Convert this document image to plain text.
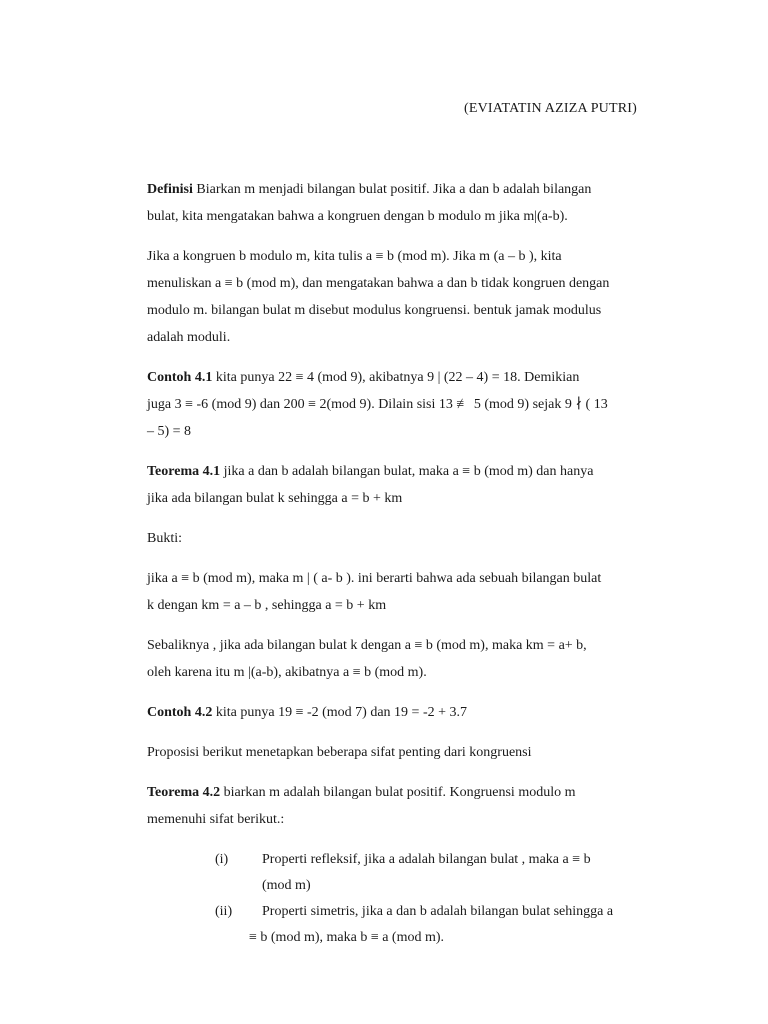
(EVIATATIN AZIZA PUTRI)

Definisi Biarkan m menjadi bilangan bulat positif. Jika a dan b adalah bilangan
bulat, kita mengatakan bahwa a kongruen dengan b modulo m jika m|(a-b).

Jika a kongruen b modulo m, kita tulis a ≡ b (mod m). Jika m (a – b ), kita
menuliskan a ≡ b (mod m), dan mengatakan bahwa a dan b tidak kongruen dengan
modulo m. bilangan bulat m disebut modulus kongruensi. bentuk jamak modulus
adalah moduli.

Contoh 4.1 kita punya 22 ≡ 4 (mod 9), akibatnya 9 | (22 – 4) = 18. Demikian
juga 3 ≡ -6 (mod 9) dan 200 ≡ 2(mod 9). Dilain sisi 13 ≢ 5 (mod 9) sejak 9 ∤ ( 13
– 5) = 8

Teorema 4.1 jika a dan b adalah bilangan bulat, maka a ≡ b (mod m) dan hanya
jika ada bilangan bulat k sehingga a = b + km

Bukti:

jika a ≡ b (mod m), maka m | ( a- b ). ini berarti bahwa ada sebuah bilangan bulat
k dengan km = a – b , sehingga a = b + km

Sebaliknya , jika ada bilangan bulat k dengan a ≡ b (mod m), maka km = a+ b,
oleh karena itu m |(a-b), akibatnya a ≡ b (mod m).

Contoh 4.2 kita punya 19 ≡ -2 (mod 7) dan 19 = -2 + 3.7

Proposisi berikut menetapkan beberapa sifat penting dari kongruensi

Teorema 4.2 biarkan m adalah bilangan bulat positif. Kongruensi modulo m
memenuhi sifat berikut.:

(i) Properti refleksif, jika a adalah bilangan bulat , maka a ≡ b
(mod m)
(ii) Properti simetris, jika a dan b adalah bilangan bulat sehingga a
≡ b (mod m), maka b ≡ a (mod m).
